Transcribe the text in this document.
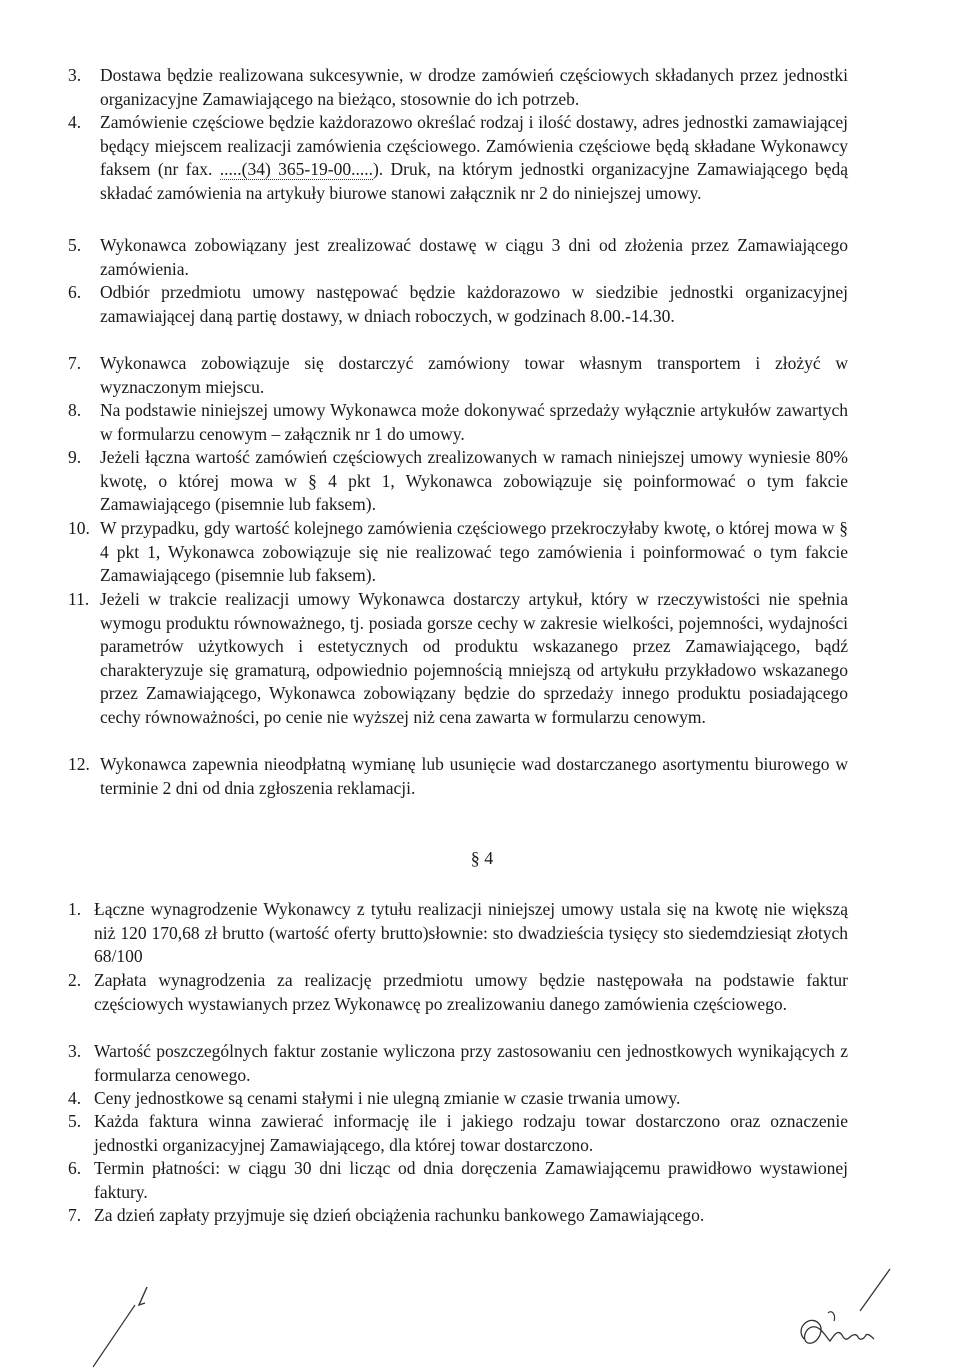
3.	Dostawa będzie realizowana sukcesywnie, w drodze zamówień częściowych składanych przez jednostki organizacyjne Zamawiającego na bieżąco, stosownie do ich potrzeb.
4.	Zamówienie częściowe będzie każdorazowo określać rodzaj i ilość dostawy, adres jednostki zamawiającej będący miejscem realizacji zamówienia częściowego. Zamówienia częściowe będą składane Wykonawcy faksem (nr fax. .....(34) 365-19-00.....). Druk, na którym jednostki organizacyjne Zamawiającego będą składać zamówienia na artykuły biurowe stanowi załącznik nr 2 do niniejszej umowy.
5.	Wykonawca zobowiązany jest zrealizować dostawę w ciągu 3 dni od złożenia przez Zamawiającego zamówienia.
6.	Odbiór przedmiotu umowy następować będzie każdorazowo w siedzibie jednostki organizacyjnej zamawiającej daną partię dostawy, w dniach roboczych, w godzinach 8.00.-14.30.
7.	Wykonawca zobowiązuje się dostarczyć zamówiony towar własnym transportem i złożyć w wyznaczonym miejscu.
8.	Na podstawie niniejszej umowy Wykonawca może dokonywać sprzedaży wyłącznie artykułów zawartych w formularzu cenowym – załącznik nr 1 do umowy.
9.	Jeżeli łączna wartość zamówień częściowych zrealizowanych w ramach niniejszej umowy wyniesie 80% kwotę, o której mowa w § 4 pkt 1, Wykonawca zobowiązuje się poinformować o tym fakcie Zamawiającego (pisemnie lub faksem).
10. W przypadku, gdy wartość kolejnego zamówienia częściowego przekroczyłaby kwotę, o której mowa w § 4 pkt 1, Wykonawca zobowiązuje się nie realizować tego zamówienia i poinformować o tym fakcie Zamawiającego (pisemnie lub faksem).
11. Jeżeli w trakcie realizacji umowy Wykonawca dostarczy artykuł, który w rzeczywistości nie spełnia wymogu produktu równoważnego, tj. posiada gorsze cechy w zakresie wielkości, pojemności, wydajności parametrów użytkowych i estetycznych od produktu wskazanego przez Zamawiającego, bądź charakteryzuje się gramaturą, odpowiednio pojemnością mniejszą od artykułu przykładowo wskazanego przez Zamawiającego, Wykonawca zobowiązany będzie do sprzedaży innego produktu posiadającego cechy równoważności, po cenie nie wyższej niż cena zawarta w formularzu cenowym.
12. Wykonawca zapewnia nieodpłatną wymianę lub usunięcie wad dostarczanego asortymentu biurowego w terminie 2 dni od dnia zgłoszenia reklamacji.
§ 4
1. Łączne wynagrodzenie Wykonawcy z tytułu realizacji niniejszej umowy ustala się na kwotę nie większą niż 120 170,68 zł brutto (wartość oferty brutto)słownie: sto dwadzieścia tysięcy sto siedemdziesiąt złotych 68/100
2. Zapłata wynagrodzenia za realizację przedmiotu umowy będzie następowała na podstawie faktur częściowych wystawianych przez Wykonawcę po zrealizowaniu danego zamówienia częściowego.
3. Wartość poszczególnych faktur zostanie wyliczona przy zastosowaniu cen jednostkowych wynikających z formularza cenowego.
4. Ceny jednostkowe są cenami stałymi i nie ulegną zmianie w czasie trwania umowy.
5. Każda faktura winna zawierać informację ile i jakiego rodzaju towar dostarczono oraz oznaczenie jednostki organizacyjnej Zamawiającego, dla której towar dostarczono.
6. Termin płatności: w ciągu 30 dni licząc od dnia doręczenia Zamawiającemu prawidłowo wystawionej faktury.
7. Za dzień zapłaty przyjmuje się dzień obciążenia rachunku bankowego Zamawiającego.
